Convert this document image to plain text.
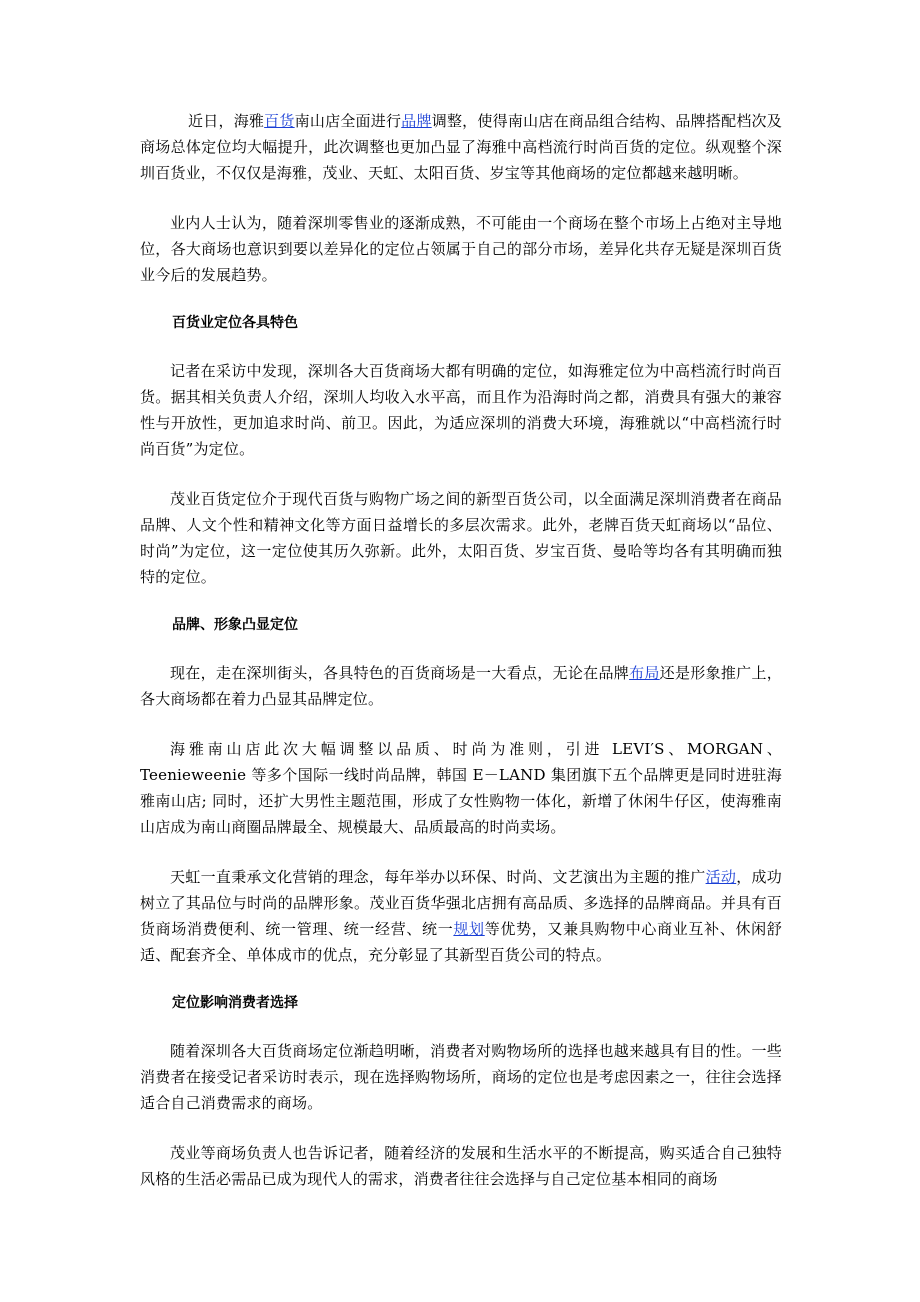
近日，海雅百货南山店全面进行品牌调整，使得南山店在商品组合结构、品牌搭配档次及商场总体定位均大幅提升，此次调整也更加凸显了海雅中高档流行时尚百货的定位。纵观整个深圳百货业，不仅仅是海雅，茂业、天虹、太阳百货、岁宝等其他商场的定位都越来越明晰。

业内人士认为，随着深圳零售业的逐渐成熟，不可能由一个商场在整个市场上占绝对主导地位，各大商场也意识到要以差异化的定位占领属于自己的部分市场，差异化共存无疑是深圳百货业今后的发展趋势。

百货业定位各具特色

记者在采访中发现，深圳各大百货商场大都有明确的定位，如海雅定位为中高档流行时尚百货。据其相关负责人介绍，深圳人均收入水平高，而且作为沿海时尚之都，消费具有强大的兼容性与开放性，更加追求时尚、前卫。因此，为适应深圳的消费大环境，海雅就以“中高档流行时尚百货”为定位。

茂业百货定位介于现代百货与购物广场之间的新型百货公司，以全面满足深圳消费者在商品品牌、人文个性和精神文化等方面日益增长的多层次需求。此外，老牌百货天虹商场以“品位、时尚”为定位，这一定位使其历久弥新。此外，太阳百货、岁宝百货、曼哈等均各有其明确而独特的定位。

品牌、形象凸显定位

现在，走在深圳街头，各具特色的百货商场是一大看点，无论在品牌布局还是形象推广上，各大商场都在着力凸显其品牌定位。

海雅南山店此次大幅调整以品质、时尚为准则，引进 LEVI′S、MORGAN、Teenieweenie 等多个国际一线时尚品牌，韩国 E－LAND 集团旗下五个品牌更是同时进驻海雅南山店; 同时，还扩大男性主题范围，形成了女性购物一体化，新增了休闲牛仔区，使海雅南山店成为南山商圈品牌最全、规模最大、品质最高的时尚卖场。

天虹一直秉承文化营销的理念，每年举办以环保、时尚、文艺演出为主题的推广活动，成功树立了其品位与时尚的品牌形象。茂业百货华强北店拥有高品质、多选择的品牌商品。并具有百货商场消费便利、统一管理、统一经营、统一规划等优势，又兼具购物中心商业互补、休闲舒适、配套齐全、单体成市的优点，充分彰显了其新型百货公司的特点。

定位影响消费者选择

随着深圳各大百货商场定位渐趋明晰，消费者对购物场所的选择也越来越具有目的性。一些消费者在接受记者采访时表示，现在选择购物场所，商场的定位也是考虑因素之一，往往会选择适合自己消费需求的商场。

茂业等商场负责人也告诉记者，随着经济的发展和生活水平的不断提高，购买适合自己独特风格的生活必需品已成为现代人的需求，消费者往往会选择与自己定位基本相同的商场
